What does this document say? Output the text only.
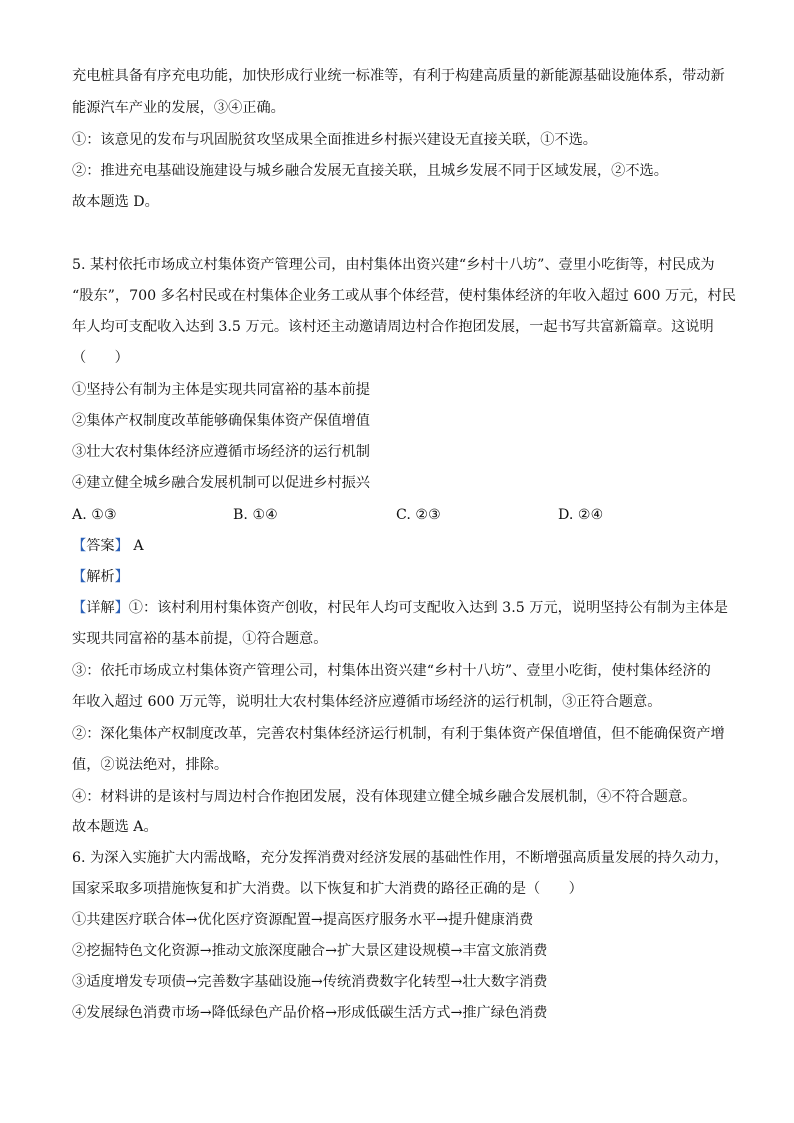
充电桩具备有序充电功能，加快形成行业统一标准等，有利于构建高质量的新能源基础设施体系，带动新
能源汽车产业的发展，③④正确。
①：该意见的发布与巩固脱贫攻坚成果全面推进乡村振兴建设无直接关联，①不选。
②：推进充电基础设施建设与城乡融合发展无直接关联，且城乡发展不同于区域发展，②不选。
故本题选 D。
5. 某村依托市场成立村集体资产管理公司，由村集体出资兴建“乡村十八坊”、壹里小吃街等，村民成为
“股东”，700 多名村民或在村集体企业务工或从事个体经营，使村集体经济的年收入超过 600 万元，村民
年人均可支配收入达到 3.5 万元。该村还主动邀请周边村合作抱团发展，一起书写共富新篇章。这说明
（　　）
①坚持公有制为主体是实现共同富裕的基本前提
②集体产权制度改革能够确保集体资产保值增值
③壮大农村集体经济应遵循市场经济的运行机制
④建立健全城乡融合发展机制可以促进乡村振兴
A. ①③	B. ①④	C. ②③	D. ②④
【答案】 A
【解析】
【详解】①：该村利用村集体资产创收，村民年人均可支配收入达到 3.5 万元，说明坚持公有制为主体是
实现共同富裕的基本前提，①符合题意。
③：依托市场成立村集体资产管理公司，村集体出资兴建“乡村十八坊”、壹里小吃街，使村集体经济的
年收入超过 600 万元等，说明壮大农村集体经济应遵循市场经济的运行机制，③正符合题意。
②：深化集体产权制度改革，完善农村集体经济运行机制，有利于集体资产保值增值，但不能确保资产增
值，②说法绝对，排除。
④：材料讲的是该村与周边村合作抱团发展，没有体现建立健全城乡融合发展机制，④不符合题意。
故本题选 A。
6. 为深入实施扩大内需战略，充分发挥消费对经济发展的基础性作用，不断增强高质量发展的持久动力，
国家采取多项措施恢复和扩大消费。以下恢复和扩大消费的路径正确的是（　　）
①共建医疗联合体→优化医疗资源配置→提高医疗服务水平→提升健康消费
②挖掘特色文化资源→推动文旅深度融合→扩大景区建设规模→丰富文旅消费
③适度增发专项债→完善数字基础设施→传统消费数字化转型→壮大数字消费
④发展绿色消费市场→降低绿色产品价格→形成低碳生活方式→推广绿色消费
